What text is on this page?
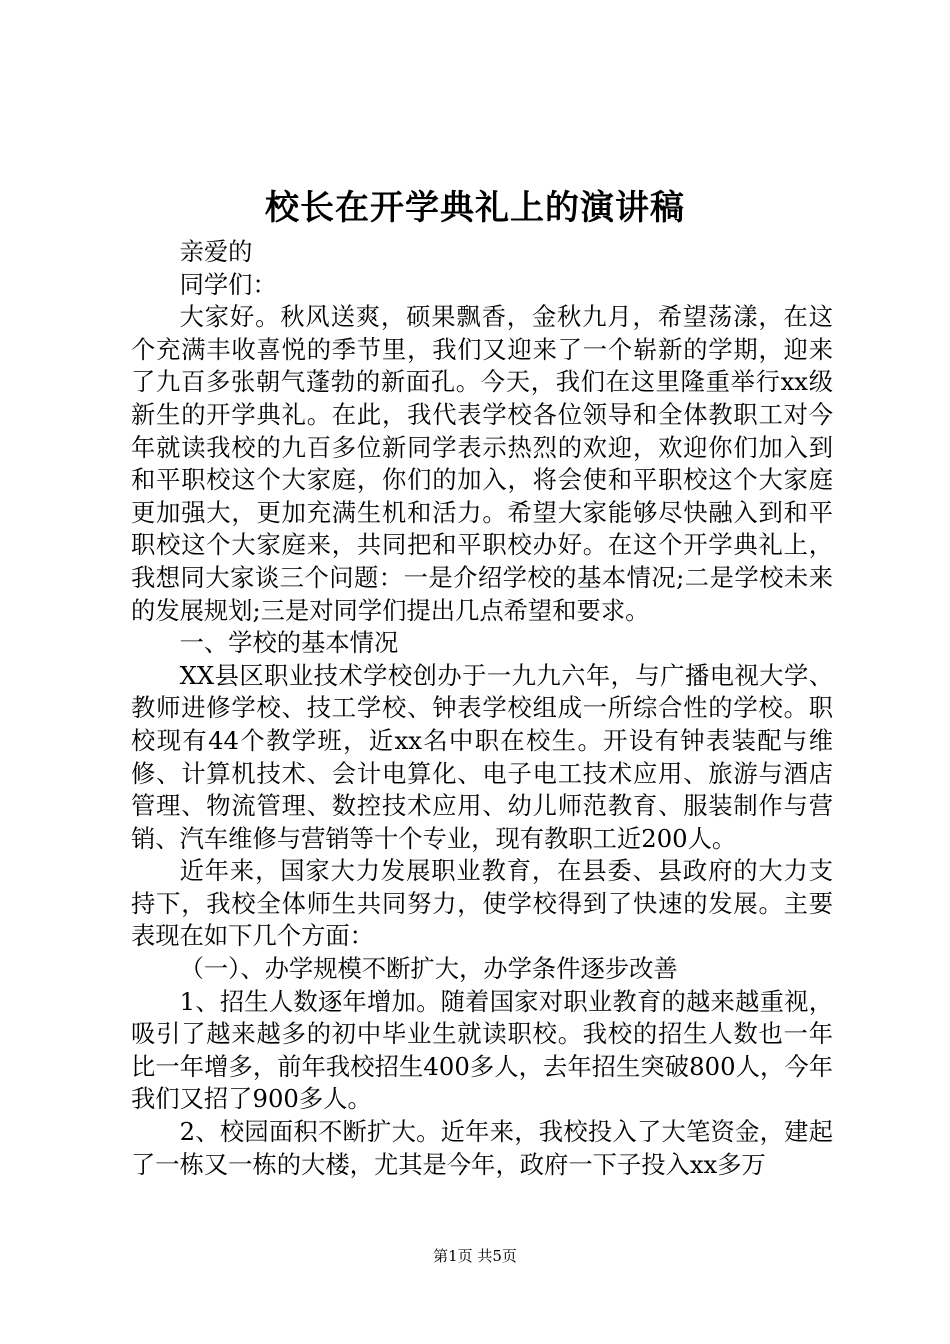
校长在开学典礼上的演讲稿

亲爱的

同学们：

大家好。秋风送爽，硕果飘香，金秋九月，希望荡漾，在这个充满丰收喜悦的季节里，我们又迎来了一个崭新的学期，迎来了九百多张朝气蓬勃的新面孔。今天，我们在这里隆重举行xx级新生的开学典礼。在此，我代表学校各位领导和全体教职工对今年就读我校的九百多位新同学表示热烈的欢迎，欢迎你们加入到和平职校这个大家庭，你们的加入，将会使和平职校这个大家庭更加强大，更加充满生机和活力。希望大家能够尽快融入到和平职校这个大家庭来，共同把和平职校办好。在这个开学典礼上，我想同大家谈三个问题：一是介绍学校的基本情况;二是学校未来的发展规划;三是对同学们提出几点希望和要求。

一、学校的基本情况

XX县区职业技术学校创办于一九九六年，与广播电视大学、教师进修学校、技工学校、钟表学校组成一所综合性的学校。职校现有44个教学班，近xx名中职在校生。开设有钟表装配与维修、计算机技术、会计电算化、电子电工技术应用、旅游与酒店管理、物流管理、数控技术应用、幼儿师范教育、服装制作与营销、汽车维修与营销等十个专业，现有教职工近200人。

近年来，国家大力发展职业教育，在县委、县政府的大力支持下，我校全体师生共同努力，使学校得到了快速的发展。主要表现在如下几个方面：

（一）、办学规模不断扩大，办学条件逐步改善

1、招生人数逐年增加。随着国家对职业教育的越来越重视，吸引了越来越多的初中毕业生就读职校。我校的招生人数也一年比一年增多，前年我校招生400多人，去年招生突破800人，今年我们又招了900多人。

2、校园面积不断扩大。近年来，我校投入了大笔资金，建起了一栋又一栋的大楼，尤其是今年，政府一下子投入xx多万

第1页 共5页
